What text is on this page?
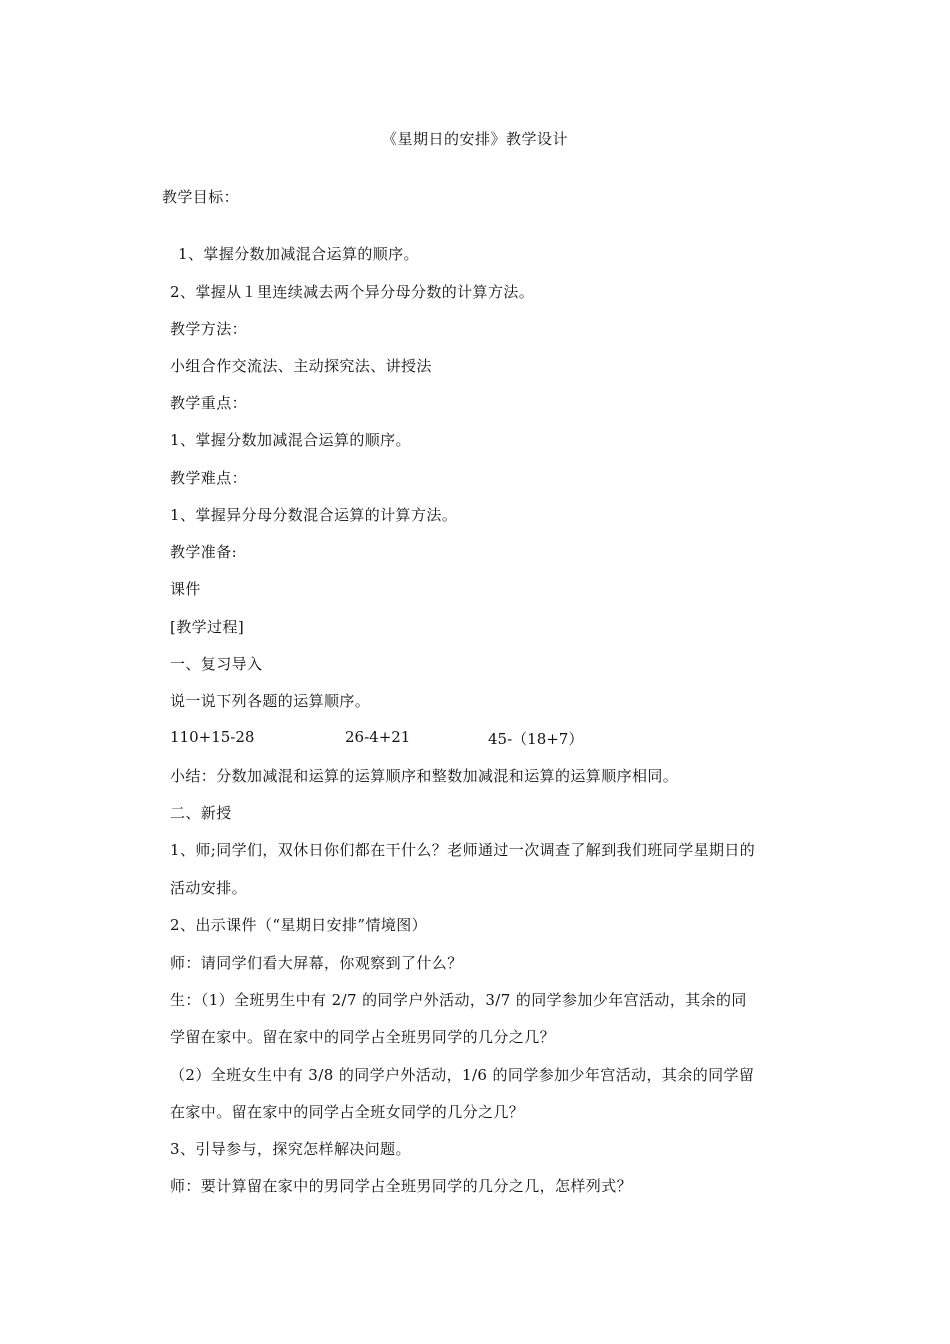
《星期日的安排》教学设计
教学目标：
1、掌握分数加减混合运算的顺序。
2、掌握从１里连续减去两个异分母分数的计算方法。
教学方法：
小组合作交流法、主动探究法、讲授法
教学重点：
1、掌握分数加减混合运算的顺序。
教学难点：
1、掌握异分母分数混合运算的计算方法。
教学准备:
课件
[教学过程]
一、复习导入
说一说下列各题的运算顺序。
110+15-28	26-4+21	45-（18+7）
小结：分数加减混和运算的运算顺序和整数加减混和运算的运算顺序相同。
二、新授
1、师;同学们，双休日你们都在干什么？老师通过一次调查了解到我们班同学星期日的
活动安排。
2、出示课件（“星期日安排”情境图）
师：请同学们看大屏幕，你观察到了什么？
生：（1）全班男生中有 2/7 的同学户外活动，3/7 的同学参加少年宫活动，其余的同
学留在家中。留在家中的同学占全班男同学的几分之几？
（2）全班女生中有 3/8 的同学户外活动，1/6 的同学参加少年宫活动，其余的同学留
在家中。留在家中的同学占全班女同学的几分之几？
3、引导参与，探究怎样解决问题。
师：要计算留在家中的男同学占全班男同学的几分之几，怎样列式？
